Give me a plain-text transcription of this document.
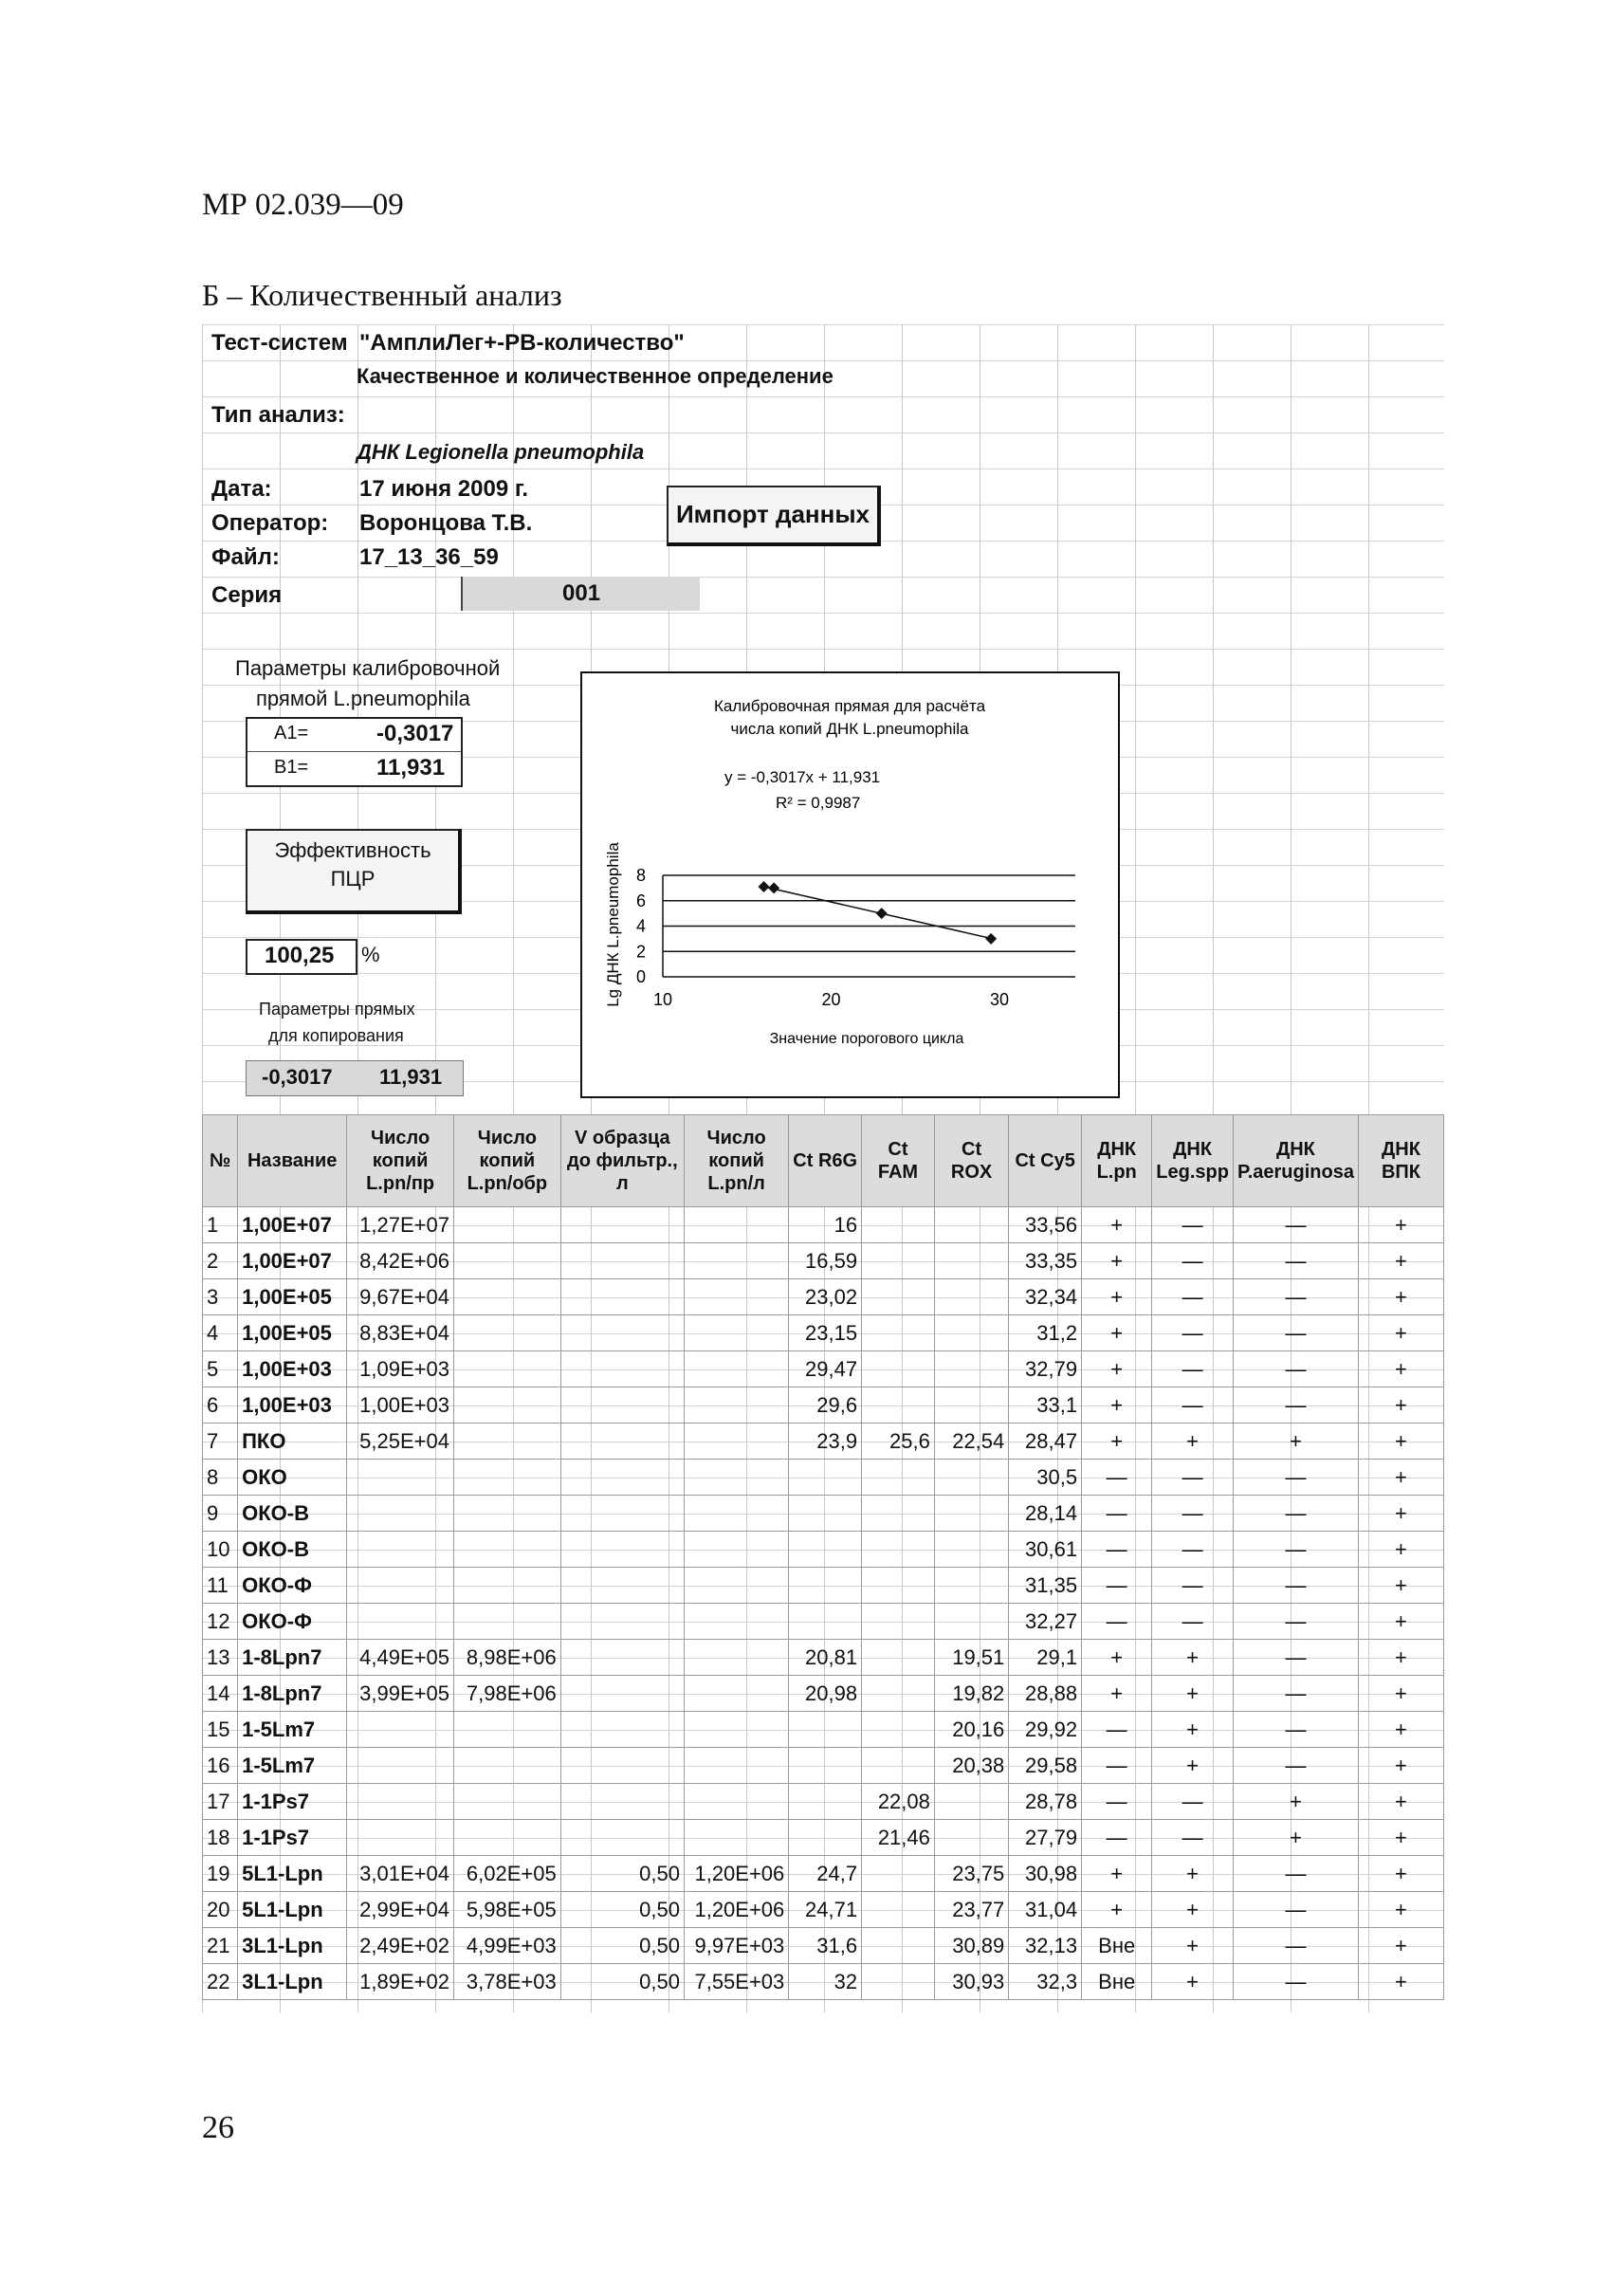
МР 02.039—09
Б – Количественный анализ
Тест-систем "АмплиЛег+-РВ-количество"
Качественное и количественное определение
Тип анализ:
ДНК Legionella pneumophila
Дата:	17 июня 2009 г.
Оператор: Воронцова Т.В.
Файл:	17_13_36_59
Серия	001
Импорт данных
Параметры калибровочной
прямой L.pneumophila
A1=	-0,3017
B1=	11,931
Эффективность
ПЦР
100,25 %
Параметры прямых
для копирования
-0,3017 11,931
Калибровочная прямая для расчёта
числа копий ДНК L.pneumophila
y = -0,3017x + 11,931
R² = 0,9987
Lg ДНК L.pneumophila
Значение порогового цикла
0
2
4
6
8
10	20	30
№	Название	Число копий L.pn/пр	Число копий L.pn/обр	V образца до фильтр., л	Число копий L.pn/л	Ct R6G	Ct FAM	Ct ROX	Ct Cy5	ДНК L.pn	ДНК Leg.spp	ДНК P.aeruginosa	ДНК ВПК
1	1,00E+07	1,27E+07				16			33,56	+	—	—	+
2	1,00E+07	8,42E+06				16,59			33,35	+	—	—	+
3	1,00E+05	9,67E+04				23,02			32,34	+	—	—	+
4	1,00E+05	8,83E+04				23,15			31,2	+	—	—	+
5	1,00E+03	1,09E+03				29,47			32,79	+	—	—	+
6	1,00E+03	1,00E+03				29,6			33,1	+	—	—	+
7	ПКО	5,25E+04				23,9	25,6	22,54	28,47	+	+	+	+
8	ОКО								30,5	—	—	—	+
9	ОКО-В								28,14	—	—	—	+
10	ОКО-В								30,61	—	—	—	+
11	ОКО-Ф								31,35	—	—	—	+
12	ОКО-Ф								32,27	—	—	—	+
13	1-8Lpn7	4,49E+05	8,98E+06			20,81		19,51	29,1	+	+	—	+
14	1-8Lpn7	3,99E+05	7,98E+06			20,98		19,82	28,88	+	+	—	+
15	1-5Lm7							20,16	29,92	—	+	—	+
16	1-5Lm7							20,38	29,58	—	+	—	+
17	1-1Ps7						22,08		28,78	—	—	+	+
18	1-1Ps7						21,46		27,79	—	—	+	+
19	5L1-Lpn	3,01E+04	6,02E+05	0,50	1,20E+06	24,7		23,75	30,98	+	+	—	+
20	5L1-Lpn	2,99E+04	5,98E+05	0,50	1,20E+06	24,71		23,77	31,04	+	+	—	+
21	3L1-Lpn	2,49E+02	4,99E+03	0,50	9,97E+03	31,6		30,89	32,13	Вне	+	—	+
22	3L1-Lpn	1,89E+02	3,78E+03	0,50	7,55E+03	32		30,93	32,3	Вне	+	—	+
26
